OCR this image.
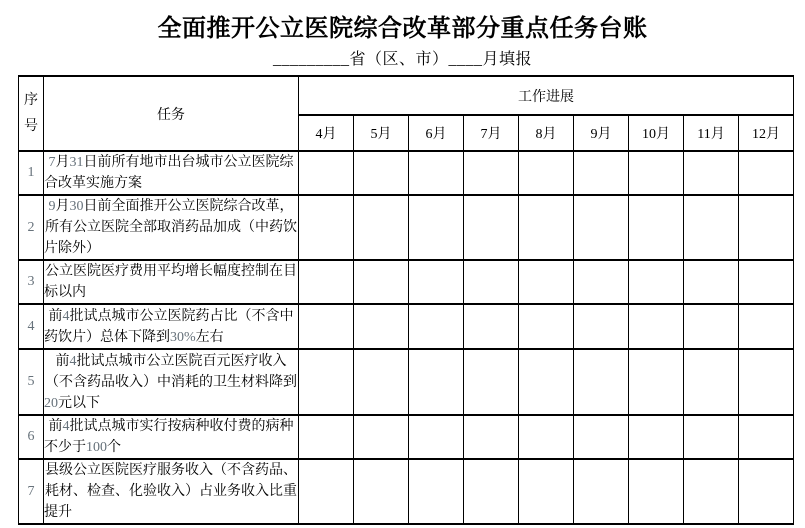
全面推开公立医院综合改革部分重点任务台账
_________省（区、市）____月填报
序号	任务	工作进展								
		4月	5月	6月	7月	8月	9月	10月	11月	12月
1	7月31日前所有地市出台城市公立医院综合改革实施方案									
2	9月30日前全面推开公立医院综合改革，所有公立医院全部取消药品加成（中药饮片除外）									
3	公立医院医疗费用平均增长幅度控制在目标以内									
4	前4批试点城市公立医院药占比（不含中药饮片）总体下降到30%左右									
5	前4批试点城市公立医院百元医疗收入（不含药品收入）中消耗的卫生材料降到20元以下									
6	前4批试点城市实行按病种收付费的病种不少于100个									
7	县级公立医院医疗服务收入（不含药品、耗材、检查、化验收入）占业务收入比重提升									
